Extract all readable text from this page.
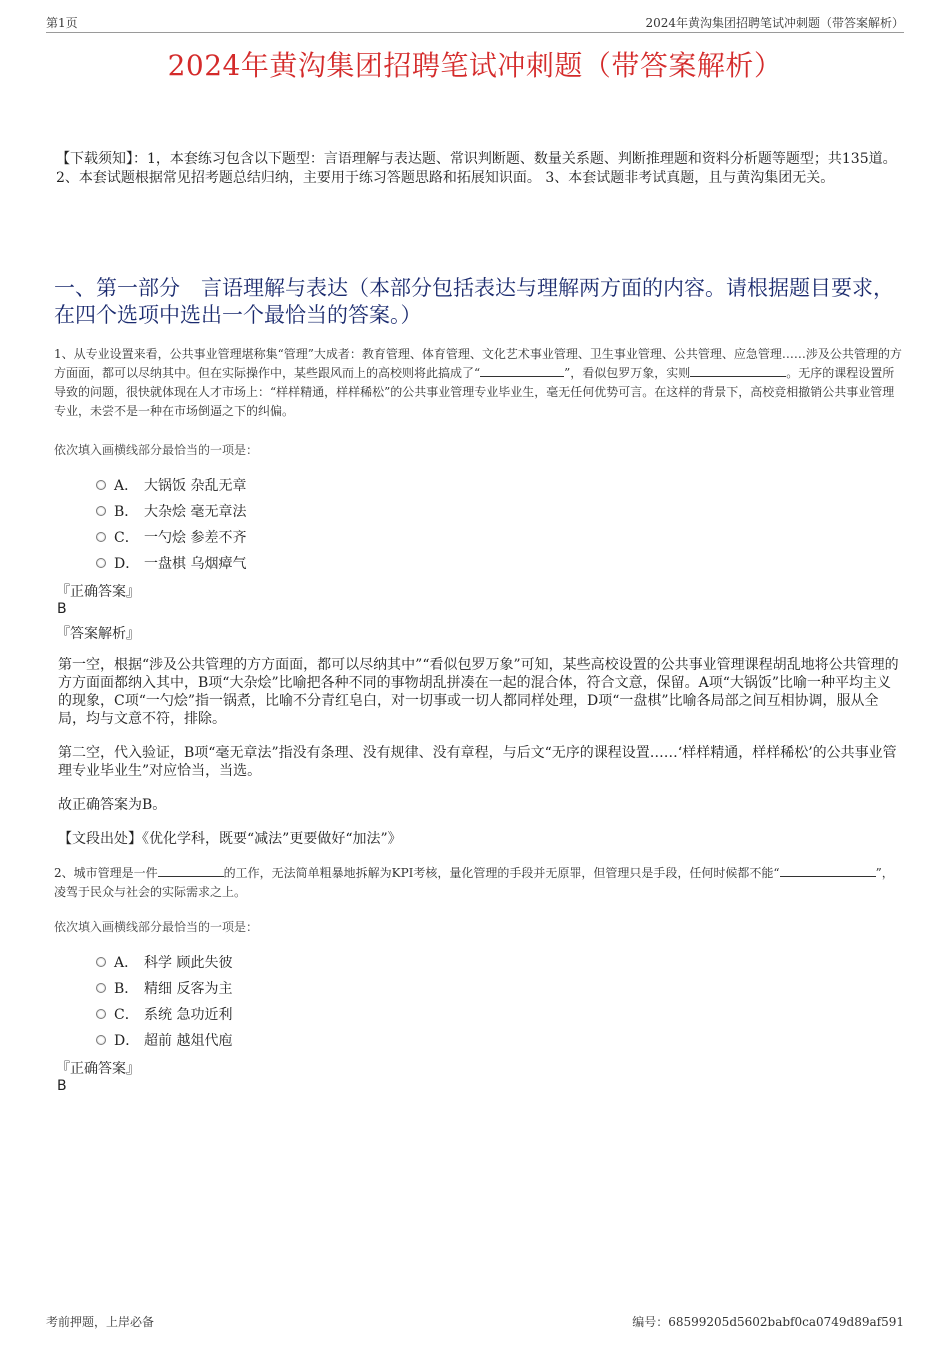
第1页	2024年黄沟集团招聘笔试冲刺题（带答案解析）
2024年黄沟集团招聘笔试冲刺题（带答案解析）
【下载须知】：1，本套练习包含以下题型：言语理解与表达题、常识判断题、数量关系题、判断推理题和资料分析题等题型；共135道。 2、本套试题根据常见招考题总结归纳，主要用于练习答题思路和拓展知识面。 3、本套试题非考试真题，且与黄沟集团无关。
一、第一部分　言语理解与表达（本部分包括表达与理解两方面的内容。请根据题目要求，在四个选项中选出一个最恰当的答案。）
1、从专业设置来看，公共事业管理堪称集“管理”大成者：教育管理、体育管理、文化艺术事业管理、卫生事业管理、公共管理、应急管理……涉及公共管理的方方面面，都可以尽纳其中。但在实际操作中，某些跟风而上的高校则将此搞成了“	”，看似包罗万象，实则	。无序的课程设置所导致的问题，很快就体现在人才市场上：“样样精通，样样稀松”的公共事业管理专业毕业生，毫无任何优势可言。在这样的背景下，高校竞相撤销公共事业管理专业，未尝不是一种在市场倒逼之下的纠偏。
依次填入画横线部分最恰当的一项是：
A． 大锅饭 杂乱无章
B． 大杂烩 毫无章法
C． 一勺烩 参差不齐
D． 一盘棋 乌烟瘴气
『正确答案』
B
『答案解析』
第一空，根据“涉及公共管理的方方面面，都可以尽纳其中”“看似包罗万象”可知，某些高校设置的公共事业管理课程胡乱地将公共管理的方方面面都纳入其中，B项“大杂烩”比喻把各种不同的事物胡乱拼凑在一起的混合体，符合文意，保留。A项“大锅饭”比喻一种平均主义的现象，C项“一勺烩”指一锅煮，比喻不分青红皂白，对一切事或一切人都同样处理，D项“一盘棋”比喻各局部之间互相协调，服从全局，均与文意不符，排除。
第二空，代入验证，B项“毫无章法”指没有条理、没有规律、没有章程，与后文“无序的课程设置……‘样样精通，样样稀松’的公共事业管理专业毕业生”对应恰当，当选。
故正确答案为B。
【文段出处】《优化学科，既要“减法”更要做好“加法”》
2、城市管理是一件	的工作，无法简单粗暴地拆解为KPI考核，量化管理的手段并无原罪，但管理只是手段，任何时候都不能“	”，凌驾于民众与社会的实际需求之上。
依次填入画横线部分最恰当的一项是：
A． 科学 顾此失彼
B． 精细 反客为主
C． 系统 急功近利
D． 超前 越俎代庖
『正确答案』
B
考前押题，上岸必备	编号：68599205d5602babf0ca0749d89af591
